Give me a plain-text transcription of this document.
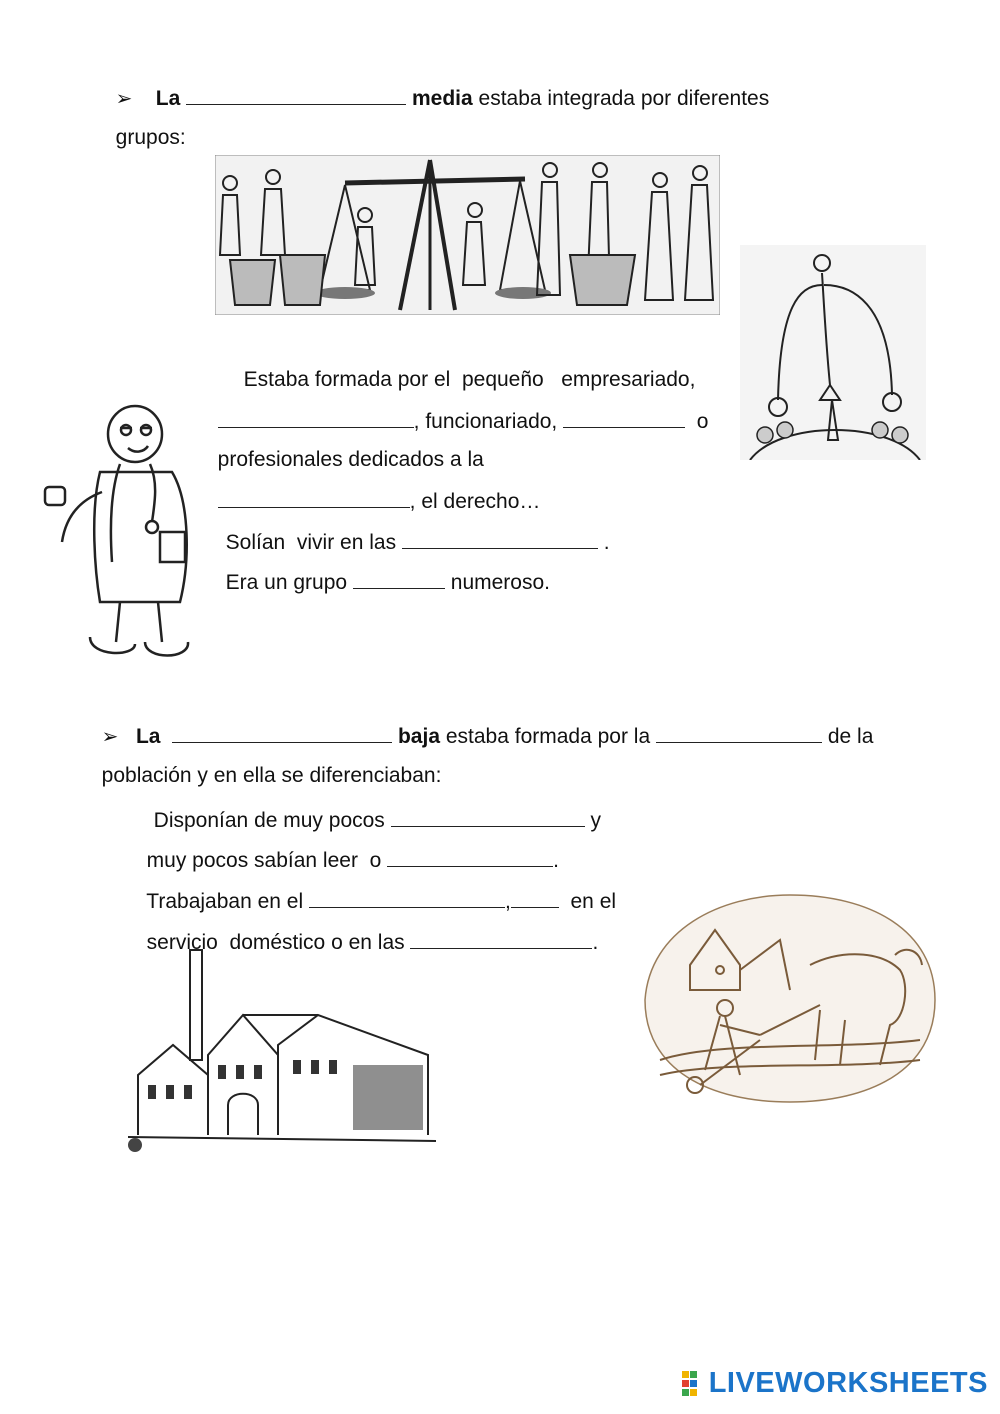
➢ La	media estaba integrada por diferentes

grupos:

Estaba formada por el  pequeño   empresariado,

, funcionariado,	o

profesionales dedicados a la

, el derecho…

Solían  vivir en las	.

Era un grupo	numeroso.

➢ La	baja estaba formada por la	de la

población y en ella se diferenciaban:

Disponían de muy pocos	y

muy pocos sabían leer  o	.

Trabajaban en el	,	en el

servicio  doméstico o en las	.

LIVEWORKSHEETS
